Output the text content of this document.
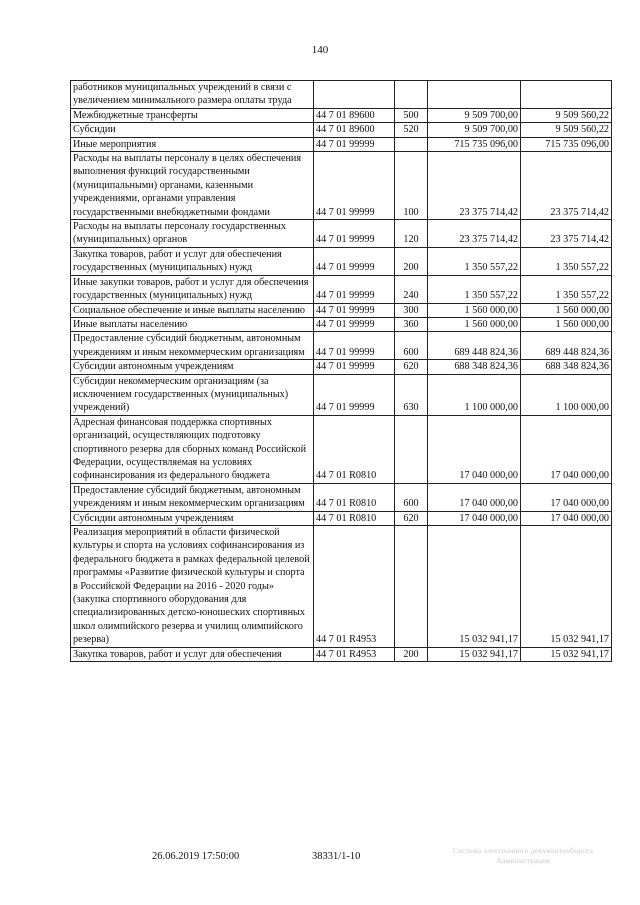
140
работников муниципальных учреждений в связи с увеличением минимального размера оплаты труда				
Межбюджетные трансферты	44 7 01 89600	500	9 509 700,00	9 509 560,22
Субсидии	44 7 01 89600	520	9 509 700,00	9 509 560,22
Иные мероприятия	44 7 01 99999		715 735 096,00	715 735 096,00
Расходы на выплаты персоналу в целях обеспечения выполнения функций государственными (муниципальными) органами, казенными учреждениями, органами управления государственными внебюджетными фондами	44 7 01 99999	100	23 375 714,42	23 375 714,42
Расходы на выплаты персоналу государственных (муниципальных) органов	44 7 01 99999	120	23 375 714,42	23 375 714,42
Закупка товаров, работ и услуг для обеспечения государственных (муниципальных) нужд	44 7 01 99999	200	1 350 557,22	1 350 557,22
Иные закупки товаров, работ и услуг для обеспечения государственных (муниципальных) нужд	44 7 01 99999	240	1 350 557,22	1 350 557,22
Социальное обеспечение и иные выплаты населению	44 7 01 99999	300	1 560 000,00	1 560 000,00
Иные выплаты населению	44 7 01 99999	360	1 560 000,00	1 560 000,00
Предоставление субсидий бюджетным, автономным учреждениям и иным некоммерческим организациям	44 7 01 99999	600	689 448 824,36	689 448 824,36
Субсидии автономным учреждениям	44 7 01 99999	620	688 348 824,36	688 348 824,36
Субсидии некоммерческим организациям (за исключением государственных (муниципальных) учреждений)	44 7 01 99999	630	1 100 000,00	1 100 000,00
Адресная финансовая поддержка спортивных организаций, осуществляющих подготовку спортивного резерва для сборных команд Российской Федерации, осуществляемая на условиях софинансирования из федерального бюджета	44 7 01 R0810		17 040 000,00	17 040 000,00
Предоставление субсидий бюджетным, автономным учреждениям и иным некоммерческим организациям	44 7 01 R0810	600	17 040 000,00	17 040 000,00
Субсидии автономным учреждениям	44 7 01 R0810	620	17 040 000,00	17 040 000,00
Реализация мероприятий в области физической культуры и спорта на условиях софинансирования из федерального бюджета в рамках федеральной целевой программы «Развитие физической культуры и спорта в Российской Федерации на 2016 - 2020 годы» (закупка спортивного оборудования для специализированных детско-юношеских спортивных школ олимпийского резерва и училищ олимпийского резерва)	44 7 01 R4953		15 032 941,17	15 032 941,17
Закупка товаров, работ и услуг для обеспечения	44 7 01 R4953	200	15 032 941,17	15 032 941,17
26.06.2019 17:50:00	38331/1-10
Система электронного документооборота
Администрация
